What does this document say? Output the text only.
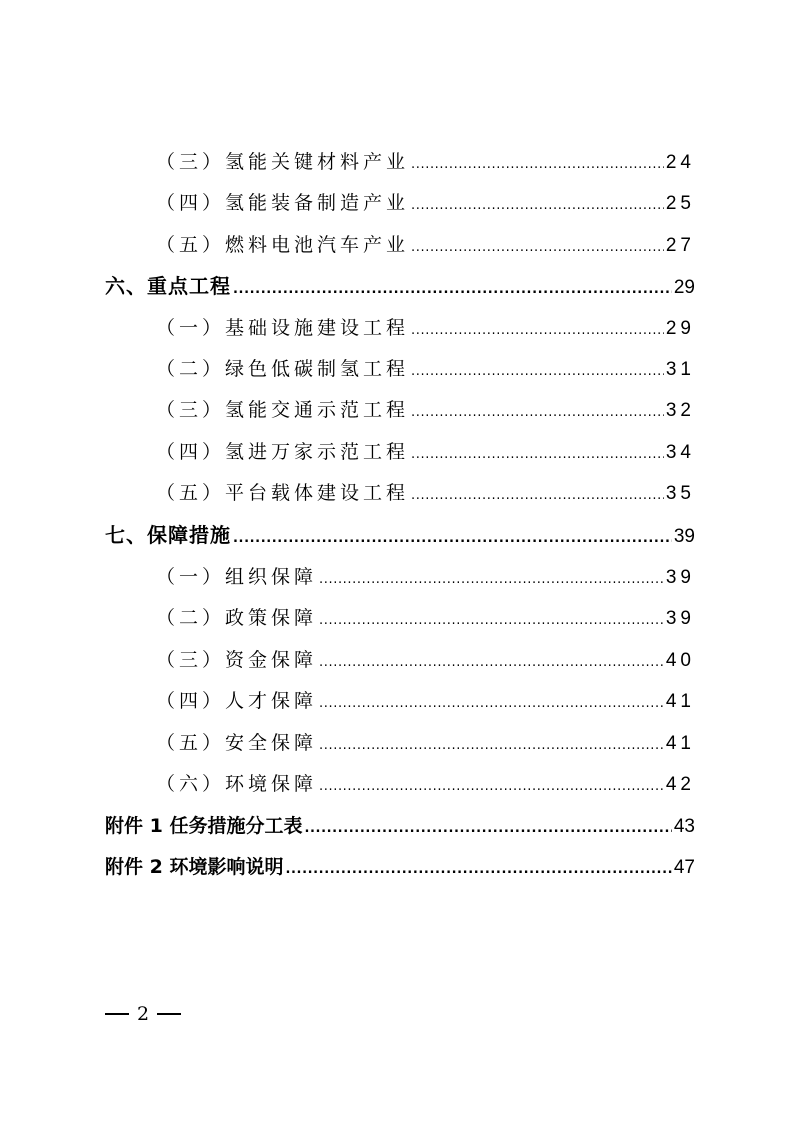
（三）氢能关键材料产业 .....	24
（四）氢能装备制造产业 .....	25
（五）燃料电池汽车产业 .....	27
六、重点工程 .....	29
（一）基础设施建设工程 .....	29
（二）绿色低碳制氢工程 .....	31
（三）氢能交通示范工程 .....	32
（四）氢进万家示范工程 .....	34
（五）平台载体建设工程 .....	35
七、保障措施 .....	39
（一）组织保障 .....	39
（二）政策保障 .....	39
（三）资金保障 .....	40
（四）人才保障 .....	41
（五）安全保障 .....	41
（六）环境保障 .....	42
附件 1 任务措施分工表 .....	43
附件 2 环境影响说明 .....	47
2
